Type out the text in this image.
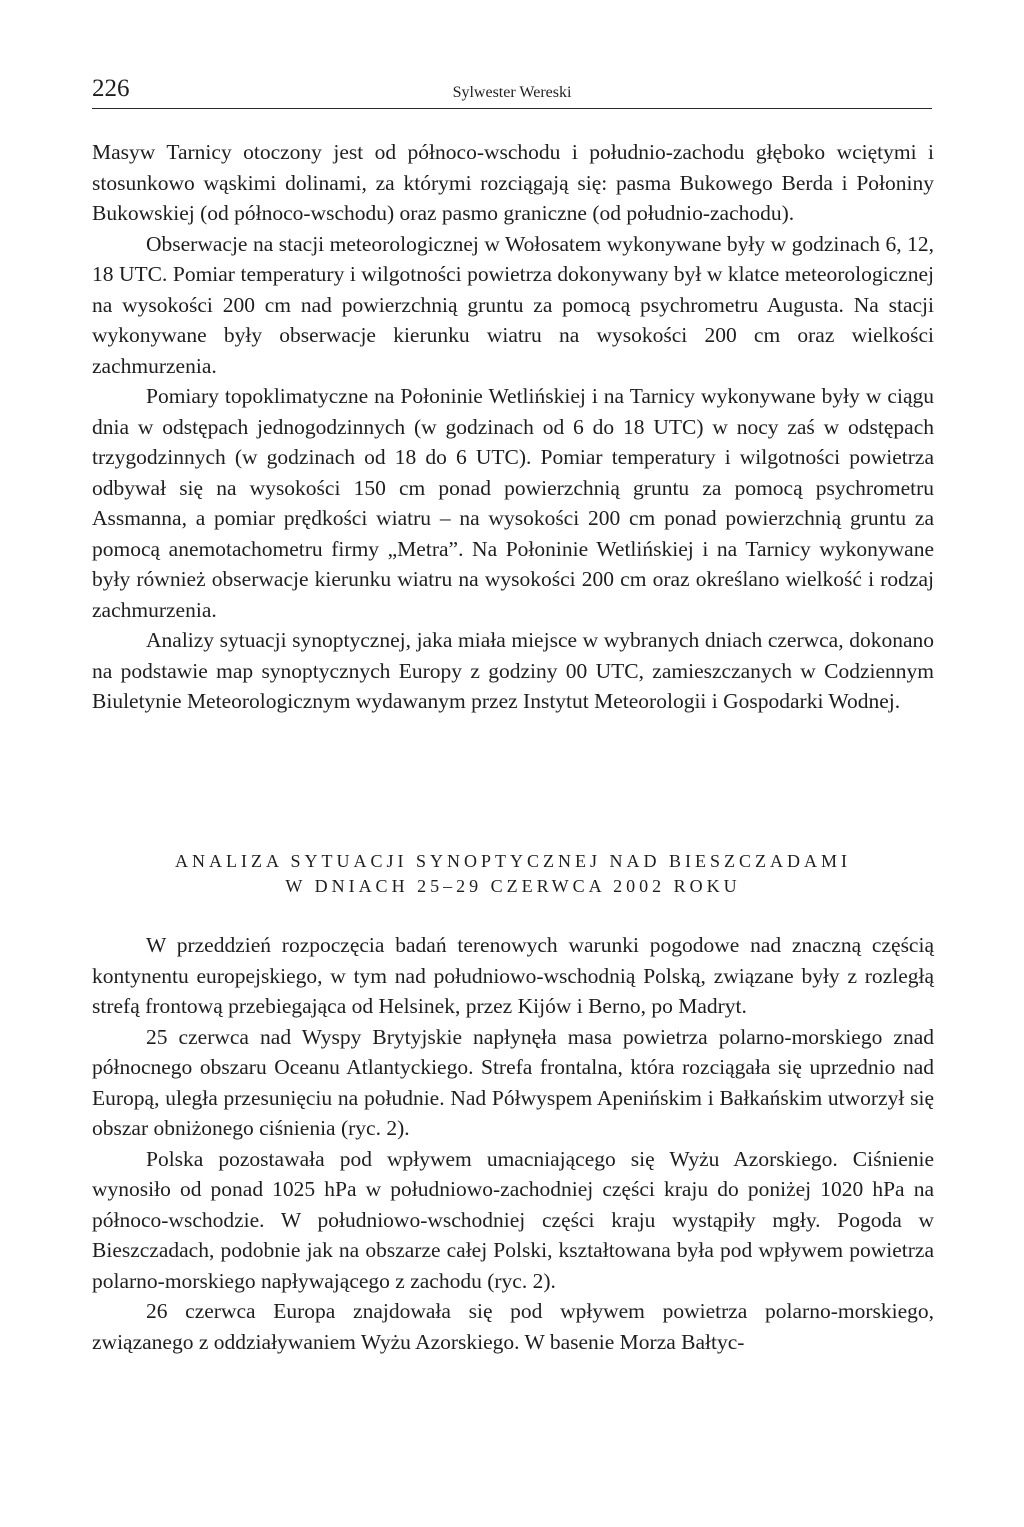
226	Sylwester Wereski

Masyw Tarnicy otoczony jest od północo-wschodu i południo-zachodu głęboko wciętymi i stosunkowo wąskimi dolinami, za którymi rozciągają się: pasma Bukowego Berda i Połoniny Bukowskiej (od północo-wschodu) oraz pasmo graniczne (od południo-zachodu).

Obserwacje na stacji meteorologicznej w Wołosatem wykonywane były w godzinach 6, 12, 18 UTC. Pomiar temperatury i wilgotności powietrza dokonywany był w klatce meteorologicznej na wysokości 200 cm nad powierzchnią gruntu za pomocą psychrometru Augusta. Na stacji wykonywane były obserwacje kierunku wiatru na wysokości 200 cm oraz wielkości zachmurzenia.

Pomiary topoklimatyczne na Połoninie Wetlińskiej i na Tarnicy wykonywane były w ciągu dnia w odstępach jednogodzinnych (w godzinach od 6 do 18 UTC) w nocy zaś w odstępach trzygodzinnych (w godzinach od 18 do 6 UTC). Pomiar temperatury i wilgotności powietrza odbywał się na wysokości 150 cm ponad powierzchnią gruntu za pomocą psychrometru Assmanna, a pomiar prędkości wiatru – na wysokości 200 cm ponad powierzchnią gruntu za pomocą anemotachometru firmy „Metra”. Na Połoninie Wetlińskiej i na Tarnicy wykonywane były również obserwacje kierunku wiatru na wysokości 200 cm oraz określano wielkość i rodzaj zachmurzenia.

Analizy sytuacji synoptycznej, jaka miała miejsce w wybranych dniach czerwca, dokonano na podstawie map synoptycznych Europy z godziny 00 UTC, zamieszczanych w Codziennym Biuletynie Meteorologicznym wydawanym przez Instytut Meteorologii i Gospodarki Wodnej.

ANALIZA SYTUACJI SYNOPTYCZNEJ NAD BIESZCZADAMI
W DNIACH 25–29 CZERWCA 2002 ROKU

W przeddzień rozpoczęcia badań terenowych warunki pogodowe nad znaczną częścią kontynentu europejskiego, w tym nad południowo-wschodnią Polską, związane były z rozległą strefą frontową przebiegająca od Helsinek, przez Kijów i Berno, po Madryt.

25 czerwca nad Wyspy Brytyjskie napłynęła masa powietrza polarno-morskiego znad północnego obszaru Oceanu Atlantyckiego. Strefa frontalna, która rozciągała się uprzednio nad Europą, uległa przesunięciu na południe. Nad Półwyspem Apenińskim i Bałkańskim utworzył się obszar obniżonego ciśnienia (ryc. 2).

Polska pozostawała pod wpływem umacniającego się Wyżu Azorskiego. Ciśnienie wynosiło od ponad 1025 hPa w południowo-zachodniej części kraju do poniżej 1020 hPa na północo-wschodzie. W południowo-wschodniej części kraju wystąpiły mgły. Pogoda w Bieszczadach, podobnie jak na obszarze całej Polski, kształtowana była pod wpływem powietrza polarno-morskiego napływającego z zachodu (ryc. 2).

26 czerwca Europa znajdowała się pod wpływem powietrza polarno-morskiego, związanego z oddziaływaniem Wyżu Azorskiego. W basenie Morza Bałtyc-
